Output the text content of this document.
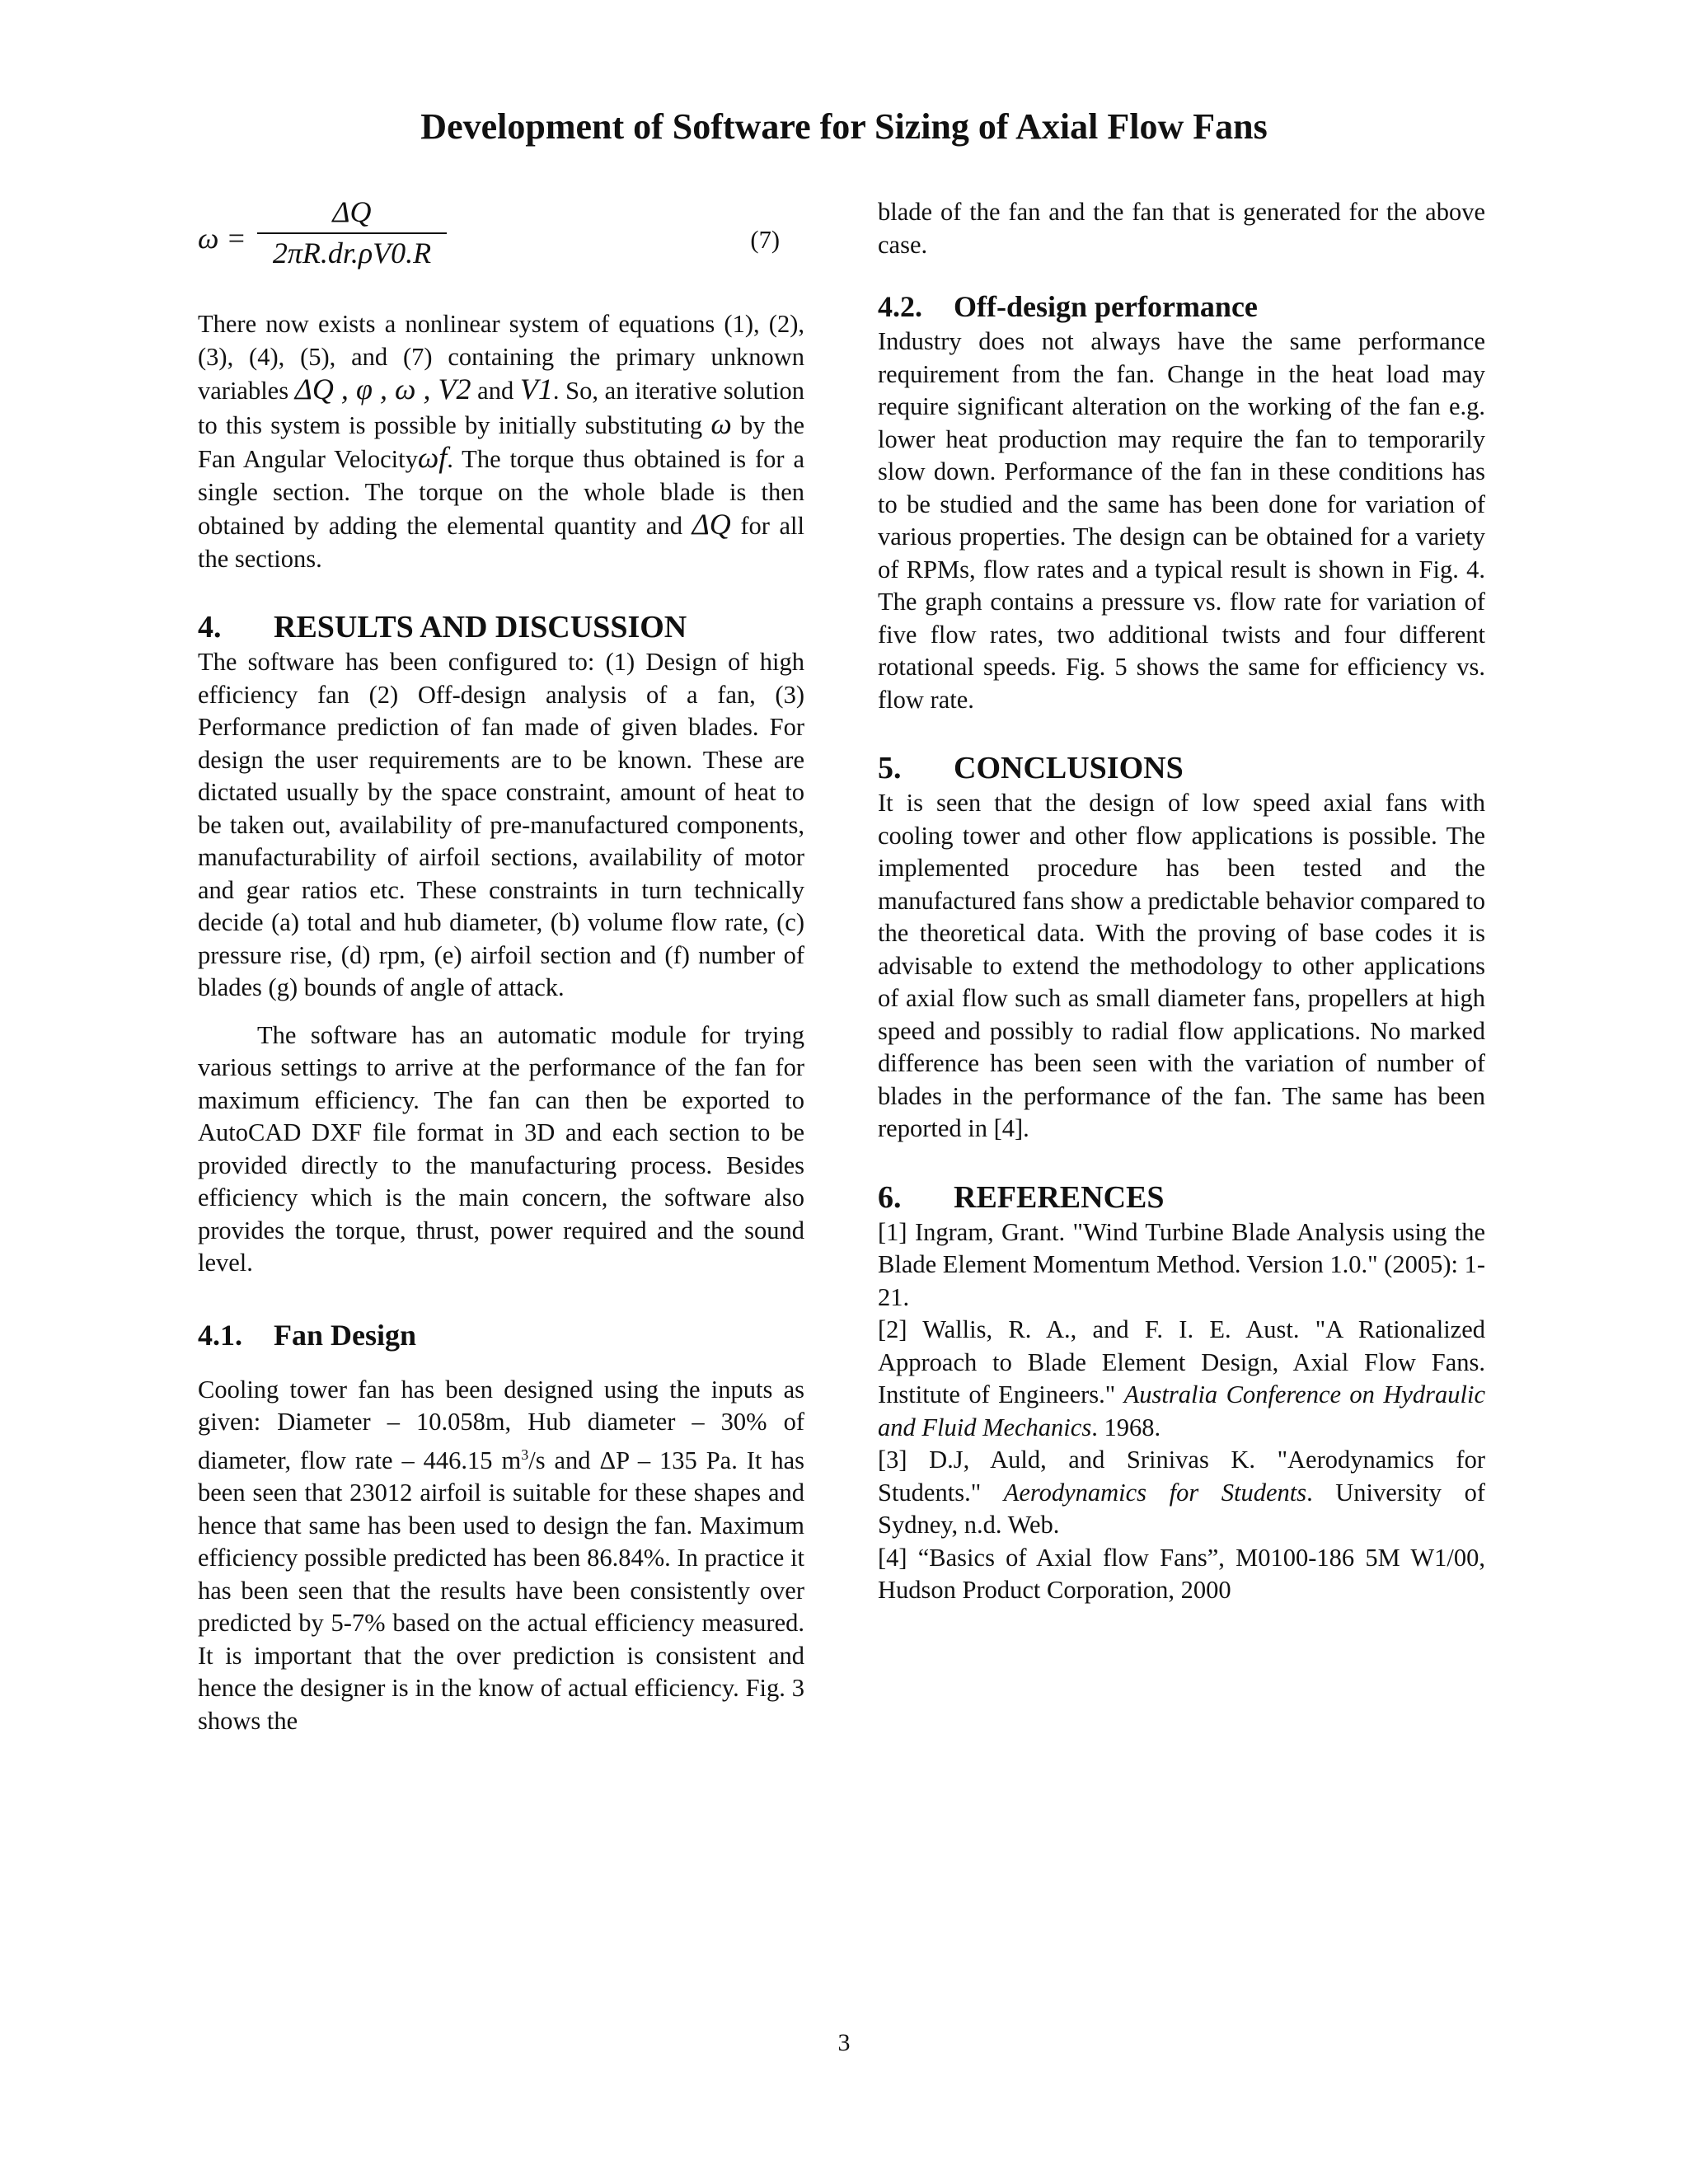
Development of Software for Sizing of Axial Flow Fans
$\omega = \frac{\Delta Q}{2\pi R.dr.\rho V0.R}$	(7)

There now exists a nonlinear system of equations (1), (2), (3), (4), (5), and (7) containing the primary unknown variables ΔQ , φ , ω , V2 and V1. So, an iterative solution to this system is possible by initially substituting ω by the Fan Angular Velocityωf. The torque thus obtained is for a single section. The torque on the whole blade is then obtained by adding the elemental quantity and ΔQ for all the sections.

4. RESULTS AND DISCUSSION

The software has been configured to: (1) Design of high efficiency fan (2) Off-design analysis of a fan, (3) Performance prediction of fan made of given blades. For design the user requirements are to be known. These are dictated usually by the space constraint, amount of heat to be taken out, availability of pre-manufactured components, manufacturability of airfoil sections, availability of motor and gear ratios etc. These constraints in turn technically decide (a) total and hub diameter, (b) volume flow rate, (c) pressure rise, (d) rpm, (e) airfoil section and (f) number of blades (g) bounds of angle of attack.

The software has an automatic module for trying various settings to arrive at the performance of the fan for maximum efficiency. The fan can then be exported to AutoCAD DXF file format in 3D and each section to be provided directly to the manufacturing process. Besides efficiency which is the main concern, the software also provides the torque, thrust, power required and the sound level.

4.1. Fan Design

Cooling tower fan has been designed using the inputs as given: Diameter – 10.058m, Hub diameter – 30% of diameter, flow rate – 446.15 $m^3/s$ and ΔP – 135 Pa. It has been seen that 23012 airfoil is suitable for these shapes and hence that same has been used to design the fan. Maximum efficiency possible predicted has been 86.84%. In practice it has been seen that the results have been consistently over predicted by 5-7% based on the actual efficiency measured. It is important that the over prediction is consistent and hence the designer is in the know of actual efficiency. Fig. 3 shows the

blade of the fan and the fan that is generated for the above case.

4.2. Off-design performance

Industry does not always have the same performance requirement from the fan. Change in the heat load may require significant alteration on the working of the fan e.g. lower heat production may require the fan to temporarily slow down. Performance of the fan in these conditions has to be studied and the same has been done for variation of various properties. The design can be obtained for a variety of RPMs, flow rates and a typical result is shown in Fig. 4. The graph contains a pressure vs. flow rate for variation of five flow rates, two additional twists and four different rotational speeds. Fig. 5 shows the same for efficiency vs. flow rate.

5. CONCLUSIONS

It is seen that the design of low speed axial fans with cooling tower and other flow applications is possible. The implemented procedure has been tested and the manufactured fans show a predictable behavior compared to the theoretical data. With the proving of base codes it is advisable to extend the methodology to other applications of axial flow such as small diameter fans, propellers at high speed and possibly to radial flow applications. No marked difference has been seen with the variation of number of blades in the performance of the fan. The same has been reported in [4].

6. REFERENCES

[1] Ingram, Grant. "Wind Turbine Blade Analysis using the Blade Element Momentum Method. Version 1.0." (2005): 1-21.

[2] Wallis, R. A., and F. I. E. Aust. "A Rationalized Approach to Blade Element Design, Axial Flow Fans. Institute of Engineers." Australia Conference on Hydraulic and Fluid Mechanics. 1968.

[3] D.J, Auld, and Srinivas K. "Aerodynamics for Students." Aerodynamics for Students. University of Sydney, n.d. Web.

[4] “Basics of Axial flow Fans”, M0100-186 5M W1/00, Hudson Product Corporation, 2000

3
